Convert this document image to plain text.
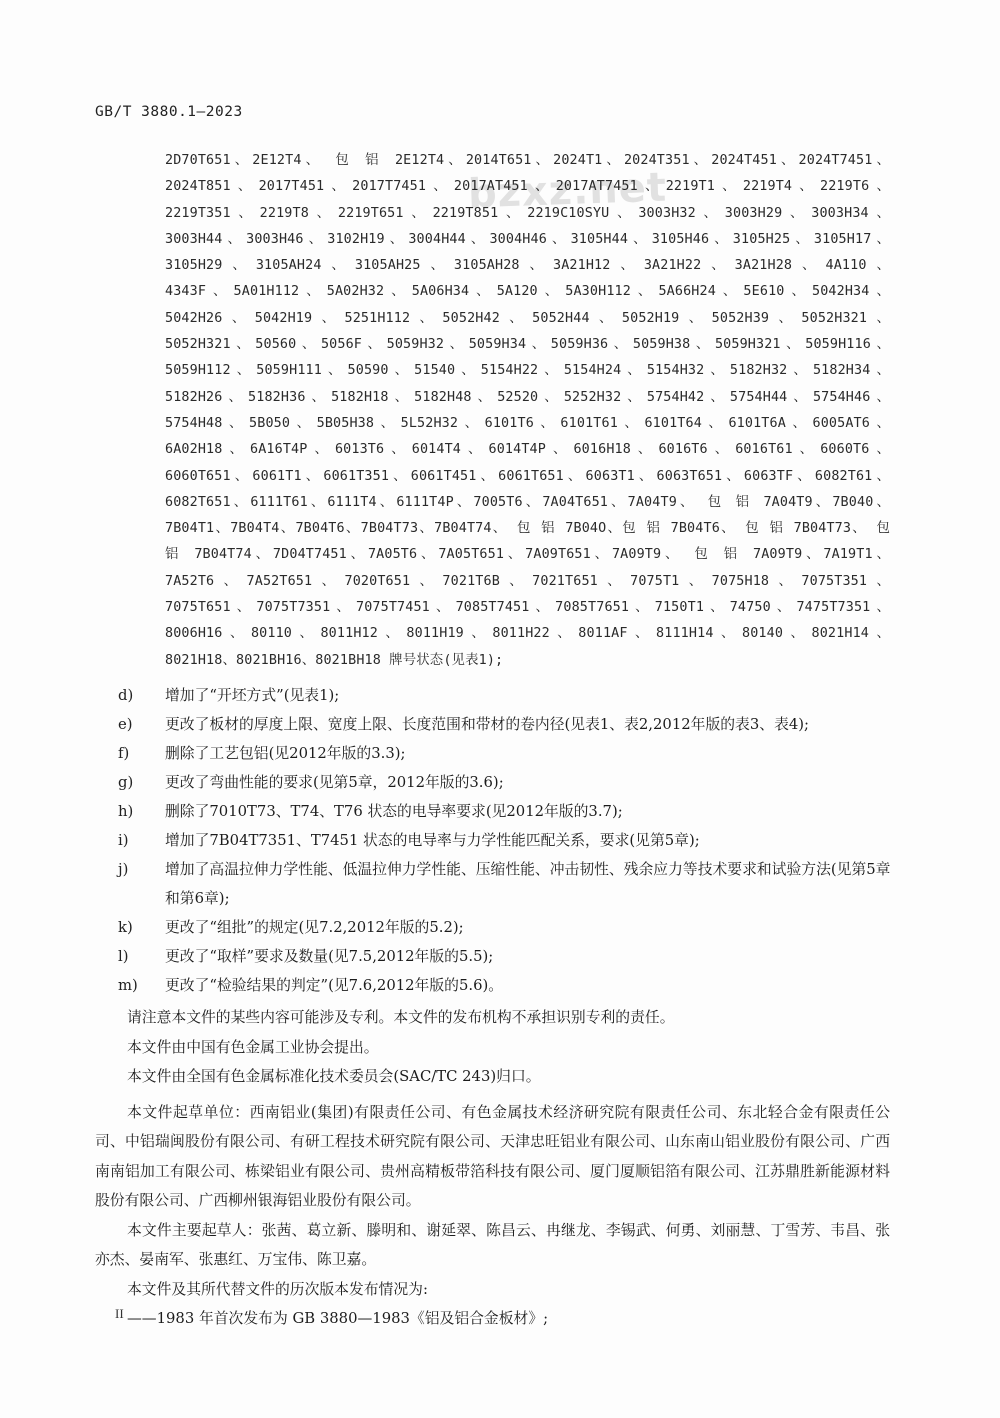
GB/T 3880.1—2023
bzxz.net
2D70T651、2E12T4、 包 铝 2E12T4、2014T651、2024T1、2024T351、2024T451、2024T7451、
2024T851、2017T451、2017T7451、2017AT451、2017AT7451、2219T1、2219T4、2219T6、
2219T351、2219T8、2219T651、2219T851、2219C10SYU、3003H32、3003H29、3003H34、
3003H44、3003H46、3102H19、3004H44、3004H46、3105H44、3105H46、3105H25、3105H17、
3105H29、3105AH24、3105AH25、3105AH28、3A21H12、3A21H22、3A21H28、4A110、
4343F、5A01H112、5A02H32、5A06H34、5A120、5A30H112、5A66H24、5E610、5042H34、
5042H26、5042H19、5251H112、5052H42、5052H44、5052H19、5052H39、5052H321、
5052H321、50560、5056F、5059H32、5059H34、5059H36、5059H38、5059H321、5059H116、
5059H112、5059H111、50590、51540、5154H22、5154H24、5154H32、5182H32、5182H34、
5182H26、5182H36、5182H18、5182H48、52520、5252H32、5754H42、5754H44、5754H46、
5754H48、5B050、5B05H38、5L52H32、6101T6、6101T61、6101T64、6101T6A、6005AT6、
6A02H18、6A16T4P、6013T6、6014T4、6014T4P、6016H18、6016T6、6016T61、6060T6、
6060T651、6061T1、6061T351、6061T451、6061T651、6063T1、6063T651、6063TF、6082T61、
6082T651、6111T61、6111T4、6111T4P、7005T6、7A04T651、7A04T9、 包 铝 7A04T9、7B040、
7B04T1、7B04T4、7B04T6、7B04T73、7B04T74、 包 铝 7B04O、包 铝 7B04T6、 包 铝 7B04T73、 包
铝 7B04T74、7D04T7451、7A05T6、7A05T651、7A09T651、7A09T9、 包 铝 7A09T9、7A19T1、
7A52T6、7A52T651、7020T651、7021T6B、7021T651、7075T1、7075H18、7075T351、
7075T651、7075T7351、7075T7451、7085T7451、7085T7651、7150T1、74750、7475T7351、
8006H16、80110、8011H12、8011H19、8011H22、8011AF、8111H14、80140、8021H14、
8021H18、8021BH16、8021BH18 牌号状态(见表1);
d)	增加了“开坯方式”(见表1);
e)	更改了板材的厚度上限、宽度上限、长度范围和带材的卷内径(见表1、表2,2012年版的表3、表4);
f)	删除了工艺包铝(见2012年版的3.3);
g)	更改了弯曲性能的要求(见第5章，2012年版的3.6);
h)	删除了7010T73、T74、T76 状态的电导率要求(见2012年版的3.7);
i)	增加了7B04T7351、T7451 状态的电导率与力学性能匹配关系，要求(见第5章);
j)	增加了高温拉伸力学性能、低温拉伸力学性能、压缩性能、冲击韧性、残余应力等技术要求和试验方法(见第5章和第6章);
k)	更改了“组批”的规定(见7.2,2012年版的5.2);
l)	更改了“取样”要求及数量(见7.5,2012年版的5.5);
m)	更改了“检验结果的判定”(见7.6,2012年版的5.6)。

请注意本文件的某些内容可能涉及专利。本文件的发布机构不承担识别专利的责任。

本文件由中国有色金属工业协会提出。

本文件由全国有色金属标准化技术委员会(SAC/TC 243)归口。

本文件起草单位：西南铝业(集团)有限责任公司、有色金属技术经济研究院有限责任公司、东北轻合金有限责任公司、中铝瑞闽股份有限公司、有研工程技术研究院有限公司、天津忠旺铝业有限公司、山东南山铝业股份有限公司、广西南南铝加工有限公司、栋梁铝业有限公司、贵州高精板带箔科技有限公司、厦门厦顺铝箔有限公司、江苏鼎胜新能源材料股份有限公司、广西柳州银海铝业股份有限公司。

本文件主要起草人：张茜、葛立新、滕明和、谢延翠、陈昌云、冉继龙、李锡武、何勇、刘丽慧、丁雪芳、韦昌、张亦杰、晏南军、张惠红、万宝伟、陈卫嘉。

本文件及其所代替文件的历次版本发布情况为:

——1983 年首次发布为 GB 3880—1983《铝及铝合金板材》;

II
